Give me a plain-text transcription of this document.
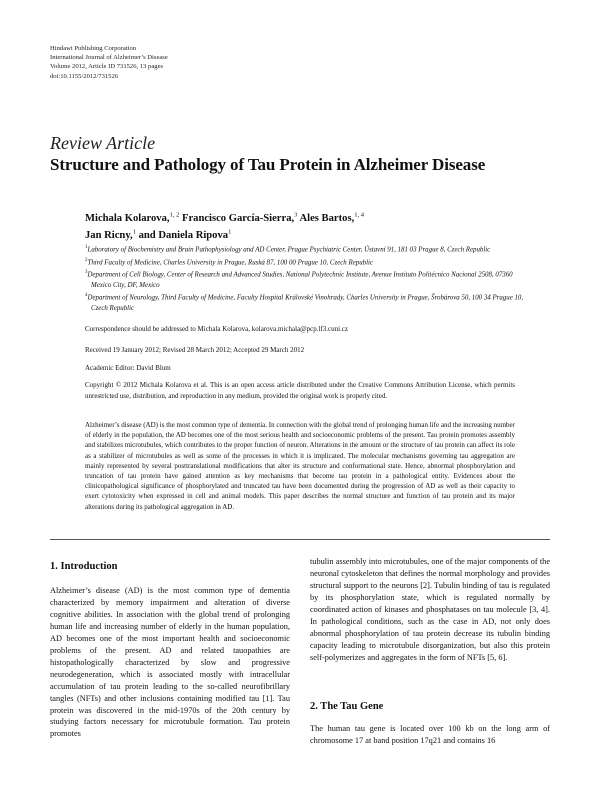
Hindawi Publishing Corporation
International Journal of Alzheimer’s Disease
Volume 2012, Article ID 731526, 13 pages
doi:10.1155/2012/731526
Review Article
Structure and Pathology of Tau Protein in Alzheimer Disease
Michala Kolarova,$^{1, 2}$ Francisco García-Sierra,$^3$ Ales Bartos,$^{1, 4}$
Jan Ricny,$^1$ and Daniela Ripova$^1$

$^1$Laboratory of Biochemistry and Brain Pathophysiology and AD Center, Prague Psychiatric Center, Ústavní 91, 181 03 Prague 8, Czech Republic

$^2$Third Faculty of Medicine, Charles University in Prague, Ruská 87, 100 00 Prague 10, Czech Republic

$^3$Department of Cell Biology, Center of Research and Advanced Studies, National Polytechnic Institute, Avenue Instituto Politécnico Nacional 2508, 07360 Mexico City, DF, Mexico

$^4$Department of Neurology, Third Faculty of Medicine, Faculty Hospital Královské Vinohrady, Charles University in Prague, Šrobárova 50, 100 34 Prague 10, Czech Republic

Correspondence should be addressed to Michala Kolarova, kolarova.michala@pcp.lf3.cuni.cz
Received 19 January 2012; Revised 28 March 2012; Accepted 29 March 2012
Academic Editor: David Blum
Copyright © 2012 Michala Kolarova et al. This is an open access article distributed under the Creative Commons Attribution License, which permits unrestricted use, distribution, and reproduction in any medium, provided the original work is properly cited.
Alzheimer’s disease (AD) is the most common type of dementia. In connection with the global trend of prolonging human life and the increasing number of elderly in the population, the AD becomes one of the most serious health and socioeconomic problems of the present. Tau protein promotes assembly and stabilizes microtubules, which contributes to the proper function of neuron. Alterations in the amount or the structure of tau protein can affect its role as a stabilizer of microtubules as well as some of the processes in which it is implicated. The molecular mechanisms governing tau aggregation are mainly represented by several posttranslational modifications that alter its structure and conformational state. Hence, abnormal phosphorylation and truncation of tau protein have gained attention as key mechanisms that become tau protein in a pathological entity. Evidences about the clinicopathological significance of phosphorylated and truncated tau have been documented during the progression of AD as well as their capacity to exert cytotoxicity when expressed in cell and animal models. This paper describes the normal structure and function of tau protein and its major alterations during its pathological aggregation in AD.
1. Introduction

Alzheimer’s disease (AD) is the most common type of dementia characterized by memory impairment and alteration of diverse cognitive abilities. In association with the global trend of prolonging human life and increasing number of elderly in the human population, AD becomes one of the most important health and socioeconomic problems of the present. AD and related tauopathies are histopathologically characterized by slow and progressive neurodegeneration, which is associated mostly with intracellular accumulation of tau protein leading to the so-called neurofibrillary tangles (NFTs) and other inclusions containing modified tau [1]. Tau protein was discovered in the mid-1970s of the 20th century by studying factors necessary for microtubule formation. Tau protein promotes

tubulin assembly into microtubules, one of the major components of the neuronal cytoskeleton that defines the normal morphology and provides structural support to the neurons [2]. Tubulin binding of tau is regulated by its phosphorylation state, which is regulated normally by coordinated action of kinases and phosphatases on tau molecule [3, 4]. In pathological conditions, such as the case in AD, not only does abnormal phosphorylation of tau protein decrease its tubulin binding capacity leading to microtubule disorganization, but also this protein self-polymerizes and aggregates in the form of NFTs [5, 6].

2. The Tau Gene

The human tau gene is located over 100 kb on the long arm of chromosome 17 at band position 17q21 and contains 16
